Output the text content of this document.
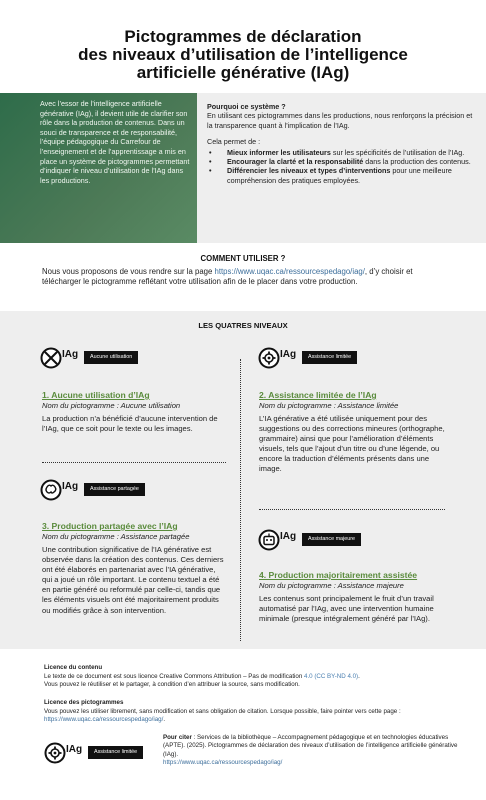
Pictogrammes de déclaration
des niveaux d’utilisation de l’intelligence
artificielle générative (IAg)

Avec l’essor de l’intelligence artificielle générative (IAg), il devient utile de clarifier son rôle dans la production de contenus. Dans un souci de transparence et de responsabilité, l’équipe pédagogique du Carrefour de l’enseignement et de l’apprentissage a mis en place un système de pictogrammes permettant d’indiquer le niveau d’utilisation de l’IAg dans les productions.

Pourquoi ce système ?
En utilisant ces pictogrammes dans les productions, nous renforçons la précision et la transparence quant à l’implication de l’IAg.
Cela permet de :
• Mieux informer les utilisateurs sur les spécificités de l’utilisation de l’IAg.
• Encourager la clarté et la responsabilité dans la production des contenus.
• Différencier les niveaux et types d’interventions pour une meilleure compréhension des pratiques employées.
COMMENT UTILISER ?
Nous vous proposons de vous rendre sur la page https://www.uqac.ca/ressourcespedago/iag/, d’y choisir et télécharger le pictogramme reflétant votre utilisation afin de le placer dans votre production.
LES QUATRES NIVEAUX
IAg	Aucune utilisation
1. Aucune utilisation d’IAg
Nom du pictogramme : Aucune utilisation
La production n’a bénéficié d’aucune intervention de l’IAg, que ce soit pour le texte ou les images.
IAg	Assistance partagée
3. Production partagée avec l’IAg
Nom du pictogramme : Assistance partagée
Une contribution significative de l’IA générative est observée dans la création des contenus. Ces derniers ont été élaborés en partenariat avec l’IA générative, qui a joué un rôle important. Le contenu textuel a été en partie généré ou reformulé par celle-ci, tandis que les éléments visuels ont été majoritairement produits ou modifiés grâce à son intervention.
IAg	Assistance limitée
2. Assistance limitée de l’IAg
Nom du pictogramme : Assistance limitée
L’IA générative a été utilisée uniquement pour des suggestions ou des corrections mineures (orthographe, grammaire) ainsi que pour l’amélioration d’éléments visuels, tels que l’ajout d’un titre ou d’une légende, ou encore la traduction d’éléments présents dans une image.
IAg	Assistance majeure
4. Production majoritairement assistée
Nom du pictogramme : Assistance majeure
Les contenus sont principalement le fruit d’un travail automatisé par l’IAg, avec une intervention humaine minimale (presque intégralement généré par l’IAg).
Licence du contenu
Le texte de ce document est sous licence Creative Commons Attribution – Pas de modification 4.0 (CC BY-ND 4.0).
Vous pouvez le réutiliser et le partager, à condition d’en attribuer la source, sans modification.
Licence des pictogrammes
Vous pouvez les utiliser librement, sans modification et sans obligation de citation. Lorsque possible, faire pointer vers cette page : https://www.uqac.ca/ressourcespedago/iag/.
IAg	Assistance limitée
Pour citer : Services de la bibliothèque – Accompagnement pédagogique et en technologies éducatives (APTE). (2025). Pictogrammes de déclaration des niveaux d’utilisation de l’intelligence artificielle générative (IAg).
https://www.uqac.ca/ressourcespedago/iag/
